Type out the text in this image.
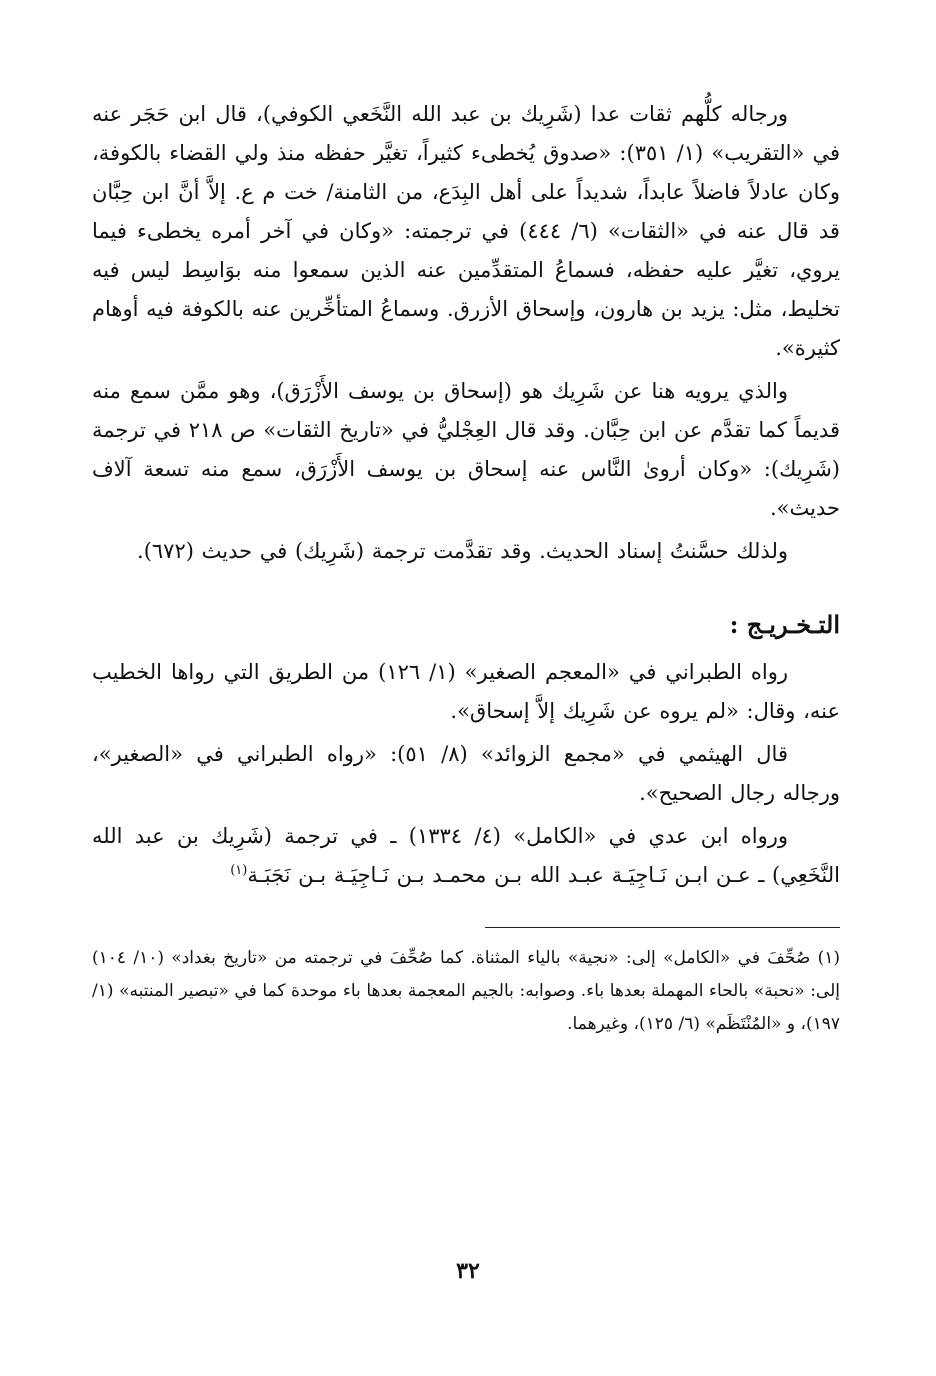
ورجاله كلُّهم ثقات عدا (شَرِيك بن عبد الله النَّخَعي الكوفي)، قال ابن حَجَر عنه في «التقريب» (١/ ٣٥١): «صدوق يُخطىء كثيراً، تغيَّر حفظه منذ ولي القضاء بالكوفة، وكان عادلاً فاضلاً عابداً، شديداً على أهل البِدَع، من الثامنة/ خت م ع. إلاَّ أنَّ ابن حِبَّان قد قال عنه في «الثقات» (٦/ ٤٤٤) في ترجمته: «وكان في آخر أمره يخطىء فيما يروي، تغيَّر عليه حفظه، فسماعُ المتقدِّمين عنه الذين سمعوا منه بوَاسِط ليس فيه تخليط، مثل: يزيد بن هارون، وإسحاق الأزرق. وسماعُ المتأخِّرين عنه بالكوفة فيه أوهام كثيرة».

والذي يرويه هنا عن شَرِيك هو (إسحاق بن يوسف الأَزْرَق)، وهو ممَّن سمع منه قديماً كما تقدَّم عن ابن حِبَّان. وقد قال العِجْليُّ في «تاريخ الثقات» ص ٢١٨ في ترجمة (شَرِيك): «وكان أروىٰ النَّاس عنه إسحاق بن يوسف الأَزْرَق، سمع منه تسعة آلاف حديث».

ولذلك حسَّنتُ إسناد الحديث. وقد تقدَّمت ترجمة (شَرِيك) في حديث (٦٧٢).

التـخـريـج :

رواه الطبراني في «المعجم الصغير» (١/ ١٢٦) من الطريق التي رواها الخطيب عنه، وقال: «لم يروه عن شَرِيك إلاَّ إسحاق».

قال الهيثمي في «مجمع الزوائد» (٨/ ٥١): «رواه الطبراني في «الصغير»، ورجاله رجال الصحيح».

ورواه ابن عدي في «الكامل» (٤/ ١٣٣٤) ـ في ترجمة (شَرِيك بن عبد الله النَّخَعِي) ـ عـن ابـن نَـاجِيَـة عبـد الله بـن محمـد بـن نَـاجِيَـة بـن نَجَبَـة$^{(١)}$

(١) صُحِّفَ في «الكامل» إلى: «نجية» بالياء المثناة. كما صُحِّفَ في ترجمته من «تاريخ بغداد» (١٠/ ١٠٤) إلى: «نحبة» بالحاء المهملة بعدها باء. وصوابه: بالجيم المعجمة بعدها باء موحدة كما في «تبصير المنتبه» (١/ ١٩٧)، و «المُنْتَظَم» (٦/ ١٢٥)، وغيرهما.

٣٢
